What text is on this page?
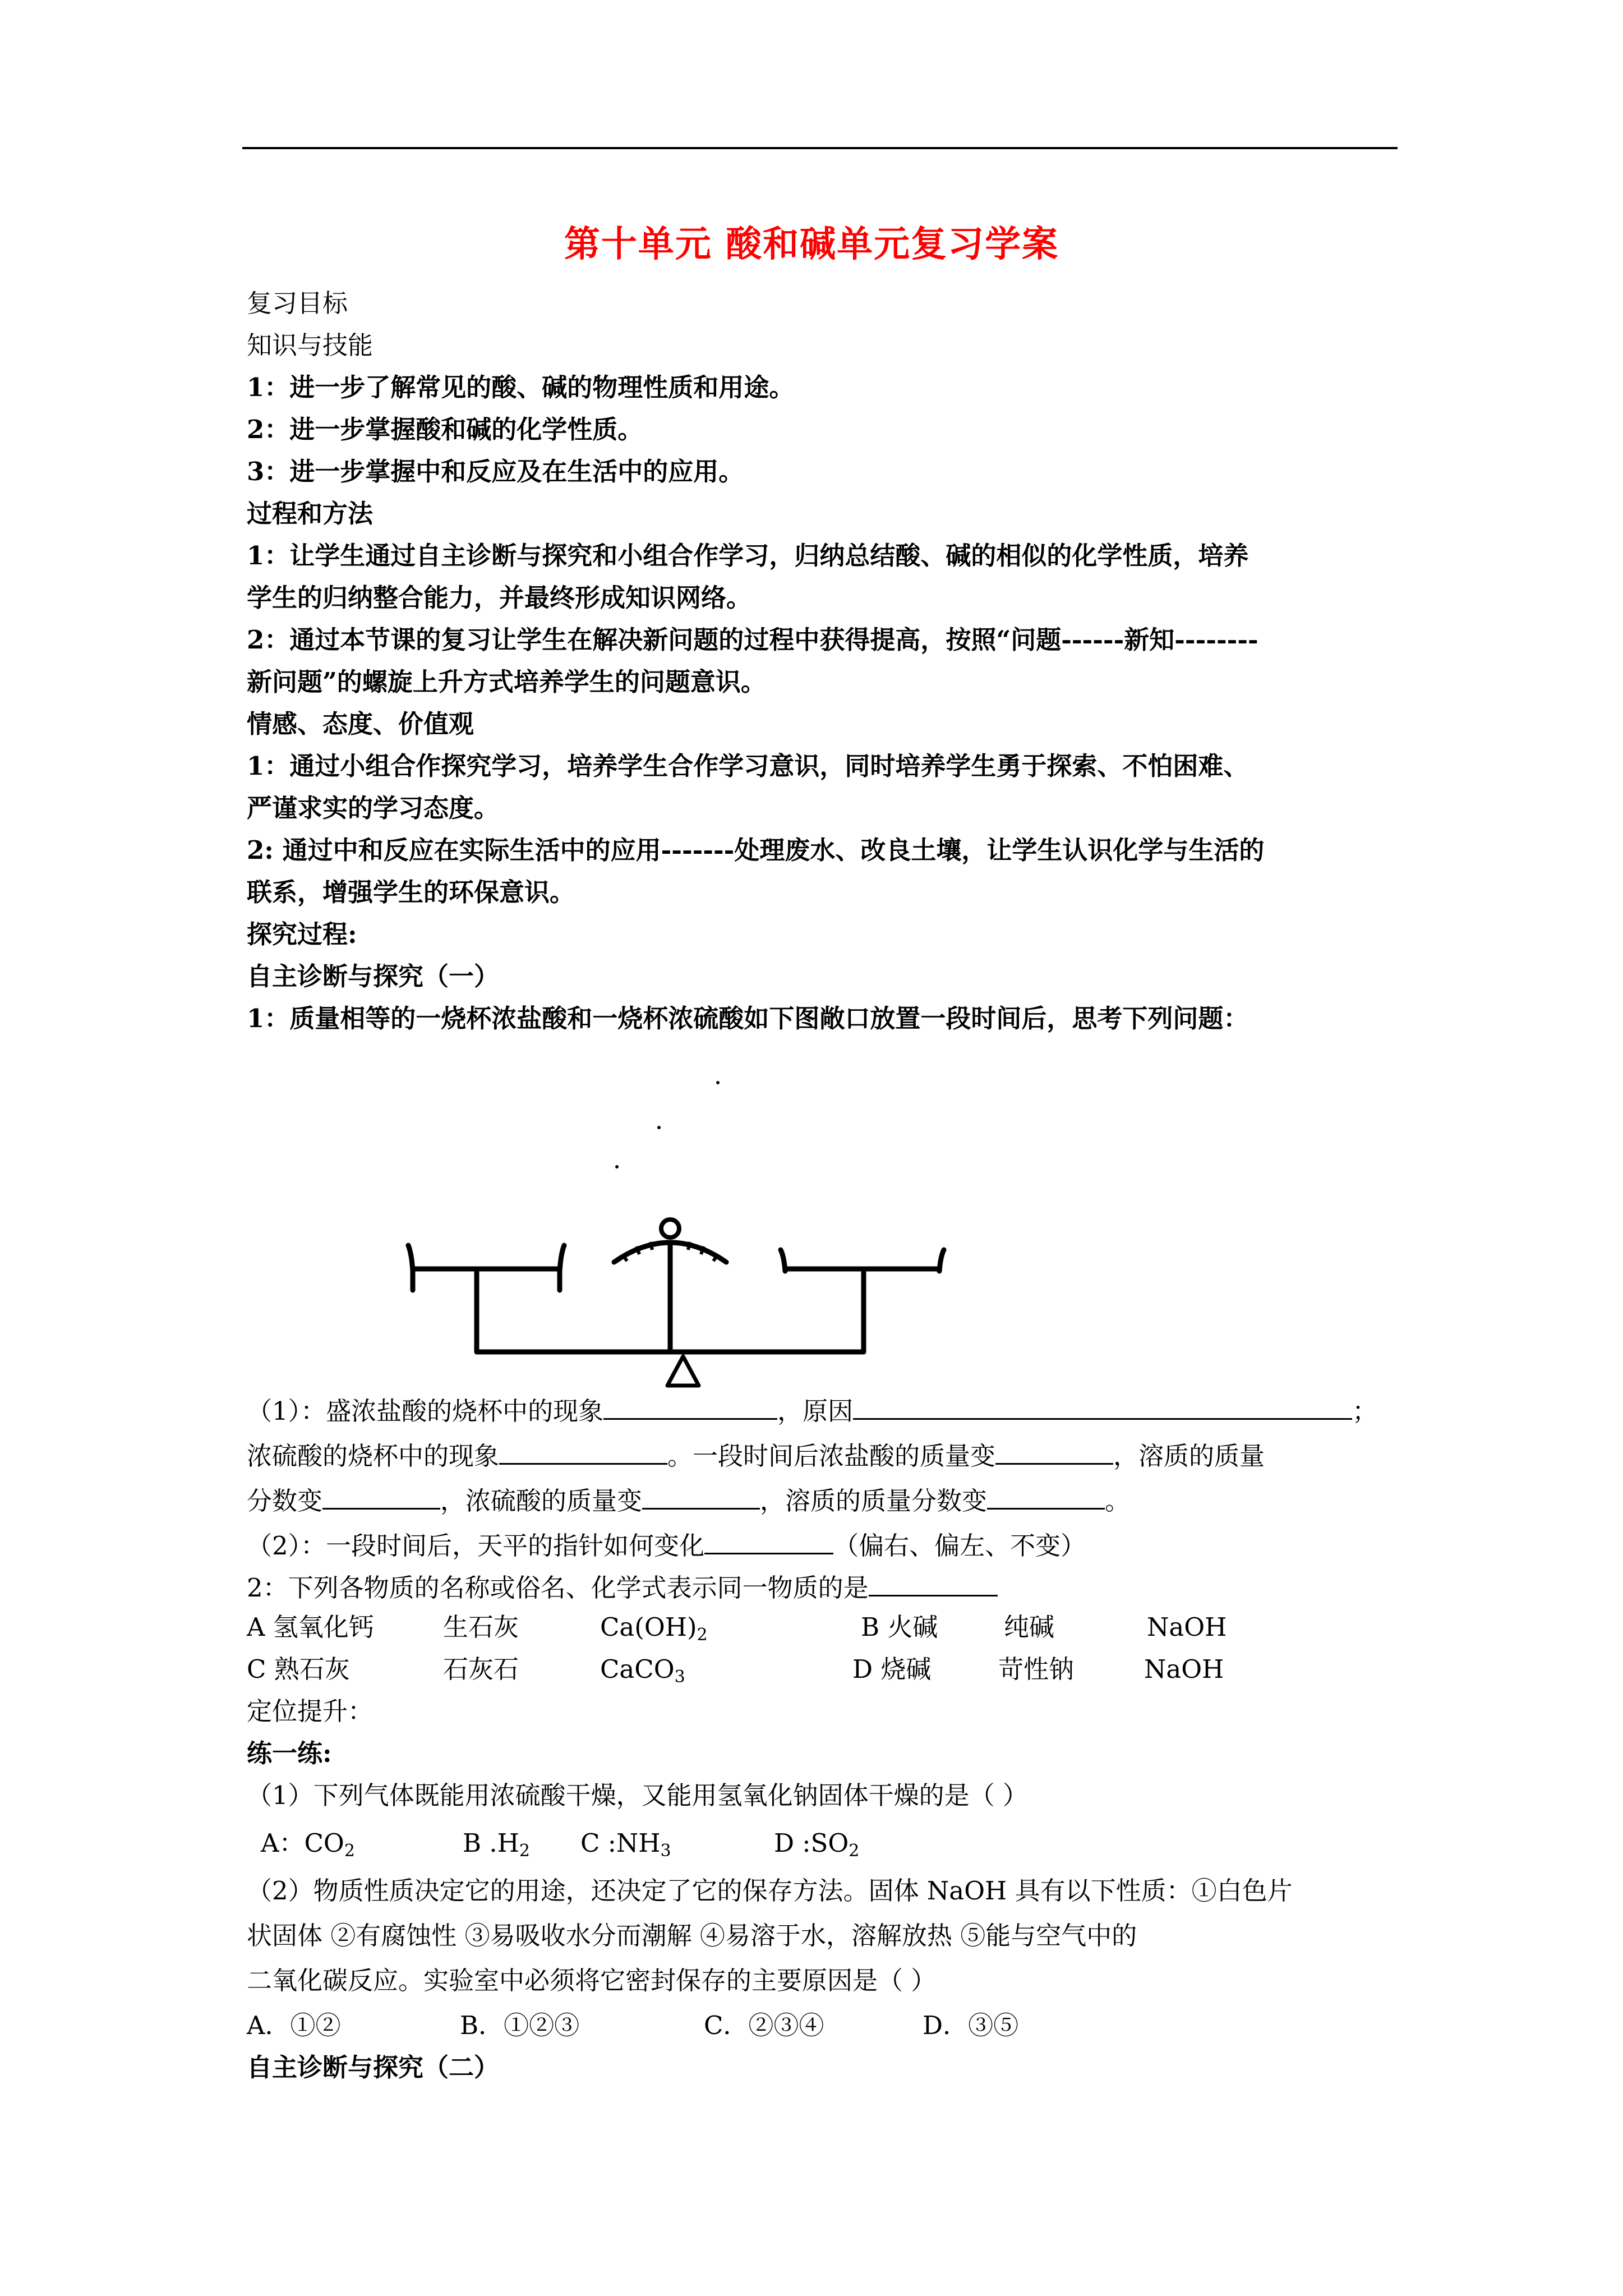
第十单元 酸和碱单元复习学案
复习目标
知识与技能
1：进一步了解常见的酸、碱的物理性质和用途。
2：进一步掌握酸和碱的化学性质。
3：进一步掌握中和反应及在生活中的应用。
过程和方法
1：让学生通过自主诊断与探究和小组合作学习，归纳总结酸、碱的相似的化学性质，培养
学生的归纳整合能力，并最终形成知识网络。
2：通过本节课的复习让学生在解决新问题的过程中获得提高，按照“问题------新知--------
新问题”的螺旋上升方式培养学生的问题意识。
情感、态度、价值观
1：通过小组合作探究学习，培养学生合作学习意识，同时培养学生勇于探索、不怕困难、
严谨求实的学习态度。
2: 通过中和反应在实际生活中的应用-------处理废水、改良土壤，让学生认识化学与生活的
联系，增强学生的环保意识。
探究过程:
自主诊断与探究（一）
1：质量相等的一烧杯浓盐酸和一烧杯浓硫酸如下图敞口放置一段时间后，思考下列问题：
（1）：盛浓盐酸的烧杯中的现象	，原因	；
浓硫酸的烧杯中的现象	。一段时间后浓盐酸的质量变	，溶质的质量
分数变	，浓硫酸的质量变	，溶质的质量分数变	。
（2）：一段时间后，天平的指针如何变化	（偏右、偏左、不变）
2：下列各物质的名称或俗名、化学式表示同一物质的是
A 氢氧化钙	生石灰	$Ca(OH)_2$	B 火碱	纯碱	NaOH
C 熟石灰	石灰石	CaCO$_3$	D 烧碱	苛性钠	NaOH
定位提升：
练一练:
（1）下列气体既能用浓硫酸干燥，又能用氢氧化钠固体干燥的是（ ）
A：$CO_2$	B $.H_2$ C $:NH_3$	D $:SO_2$
（2）物质性质决定它的用途，还决定了它的保存方法。固体 NaOH 具有以下性质：①白色片
状固体 ②有腐蚀性 ③易吸收水分而潮解 ④易溶于水，溶解放热 ⑤能与空气中的
二氧化碳反应。实验室中必须将它密封保存的主要原因是（ ）
A．①②	B．①②③	C．②③④	D．③⑤
自主诊断与探究（二）
